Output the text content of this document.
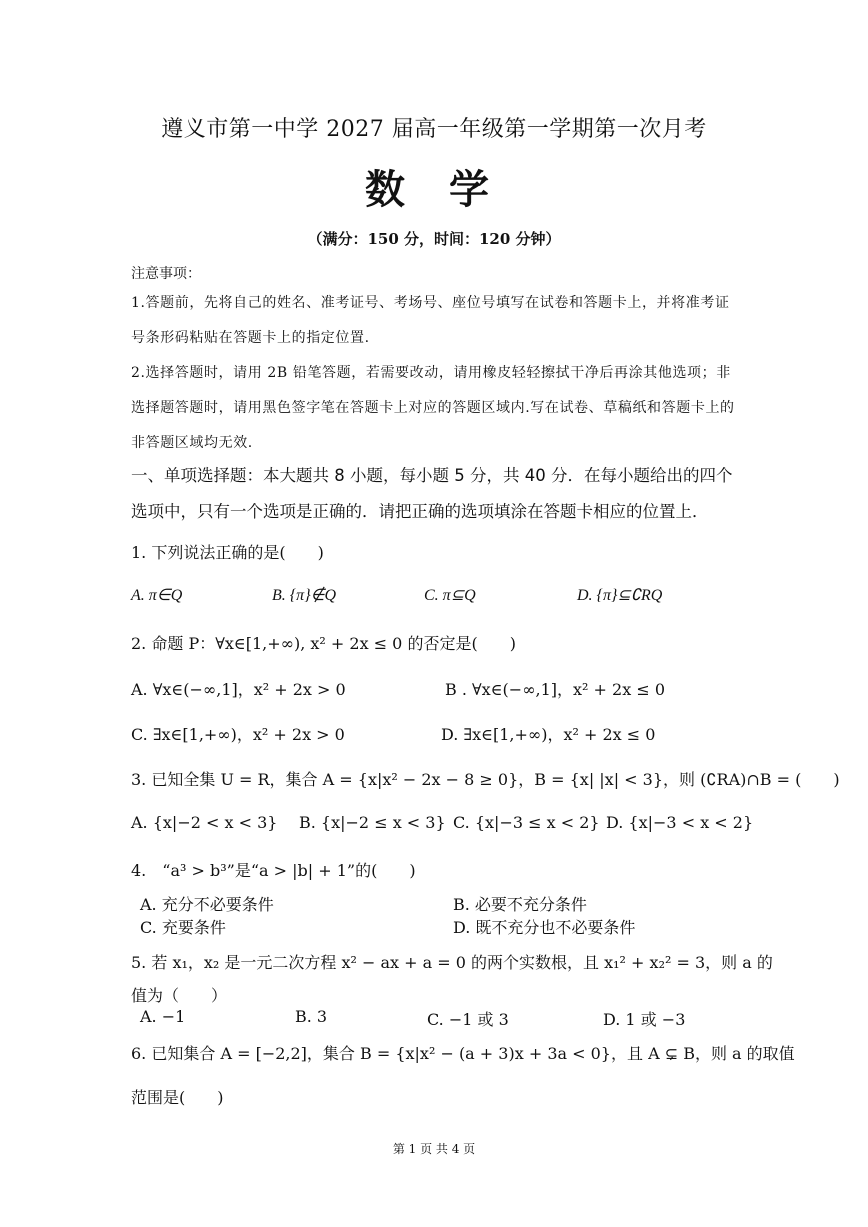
遵义市第一中学 2027 届高一年级第一学期第一次月考
数学
（满分：150 分，时间：120 分钟）
注意事项：
1.答题前，先将自己的姓名、准考证号、考场号、座位号填写在试卷和答题卡上，并将准考证号条形码粘贴在答题卡上的指定位置.
2.选择答题时，请用 2B 铅笔答题，若需要改动，请用橡皮轻轻擦拭干净后再涂其他选项；非选择题答题时，请用黑色签字笔在答题卡上对应的答题区域内.写在试卷、草稿纸和答题卡上的非答题区域均无效.
一、单项选择题：本大题共 8 小题，每小题 5 分，共 40 分．在每小题给出的四个选项中，只有一个选项是正确的．请把正确的选项填涂在答题卡相应的位置上．
1. 下列说法正确的是(　　)
A. π∈Q	B. {π}∉Q	C. π⊆Q	D. {π}⊆∁RQ
2. 命题 P：∀x∈[1,+∞), x² + 2x ≤ 0 的否定是(　　)
A. ∀x∈(−∞,1]，x² + 2x > 0	B . ∀x∈(−∞,1]，x² + 2x ≤ 0
C. ∃x∈[1,+∞)，x² + 2x > 0	D. ∃x∈[1,+∞)，x² + 2x ≤ 0
3. 已知全集 U = R，集合 A = {x|x² − 2x − 8 ≥ 0}，B = {x| |x| < 3}，则 (∁RA)∩B = (　　)
A. {x|−2 < x < 3} B. {x|−2 ≤ x < 3} C. {x|−3 ≤ x < 2} D. {x|−3 < x < 2}
4.　“a³ > b³”是“a > |b| + 1”的(　　)
A. 充分不必要条件	B. 必要不充分条件
C. 充要条件	D. 既不充分也不必要条件
5. 若 x₁，x₂ 是一元二次方程 x² − ax + a = 0 的两个实数根，且 x₁² + x₂² = 3，则 a 的
值为（　　）
A. −1	B. 3	C. −1 或 3	D. 1 或 −3
6. 已知集合 A = [−2,2]，集合 B = {x|x² − (a + 3)x + 3a < 0}，且 A ⊊ B，则 a 的取值
范围是(　　)
第 1 页 共 4 页
